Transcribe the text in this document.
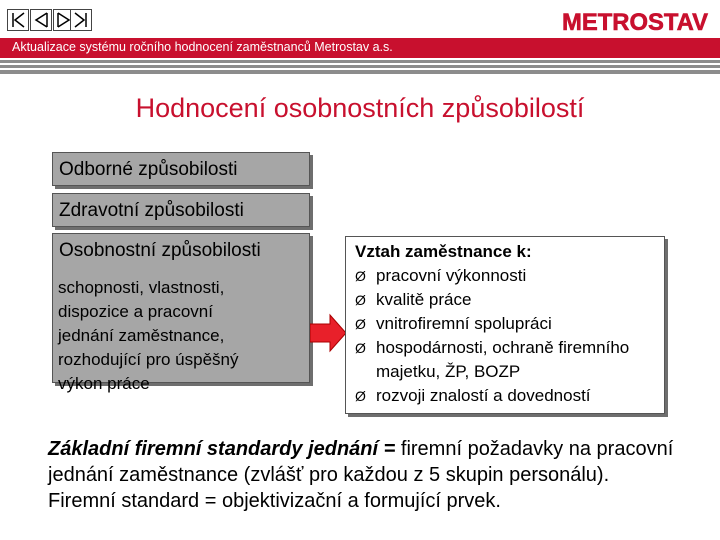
METROSTAV
Aktualizace systému ročního hodnocení zaměstnanců Metrostav a.s.
Hodnocení osobnostních způsobilostí
Odborné způsobilosti
Zdravotní způsobilosti
Osobnostní způsobilosti
schopnosti, vlastnosti,
dispozice a pracovní
jednání zaměstnance,
rozhodující pro úspěšný
výkon práce
Vztah zaměstnance k:
Ø pracovní výkonnosti
Ø kvalitě práce
Ø vnitrofiremní spolupráci
Ø hospodárnosti, ochraně firemního majetku, ŽP, BOZP
Ø rozvoji znalostí a dovedností
Základní firemní standardy jednání = firemní požadavky na pracovní jednání zaměstnance (zvlášť pro každou z 5 skupin personálu).
Firemní standard = objektivizační a formující prvek.
